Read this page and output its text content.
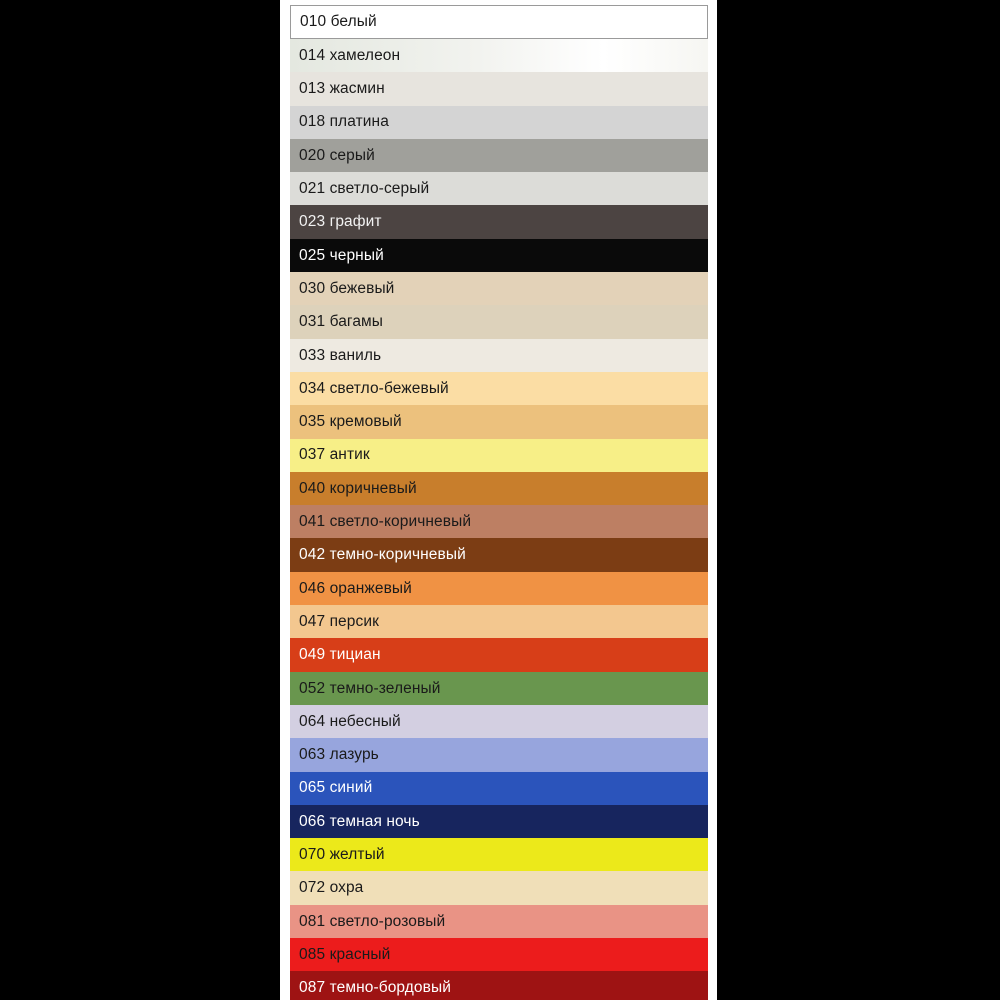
010 белый
014 хамелеон
013 жасмин
018 платина
020 серый
021 светло-серый
023 графит
025 черный
030 бежевый
031 багамы
033 ваниль
034 светло-бежевый
035 кремовый
037 антик
040 коричневый
041 светло-коричневый
042 темно-коричневый
046 оранжевый
047 персик
049 тициан
052 темно-зеленый
064 небесный
063 лазурь
065 синий
066 темная ночь
070 желтый
072 охра
081 светло-розовый
085 красный
087 темно-бордовый
